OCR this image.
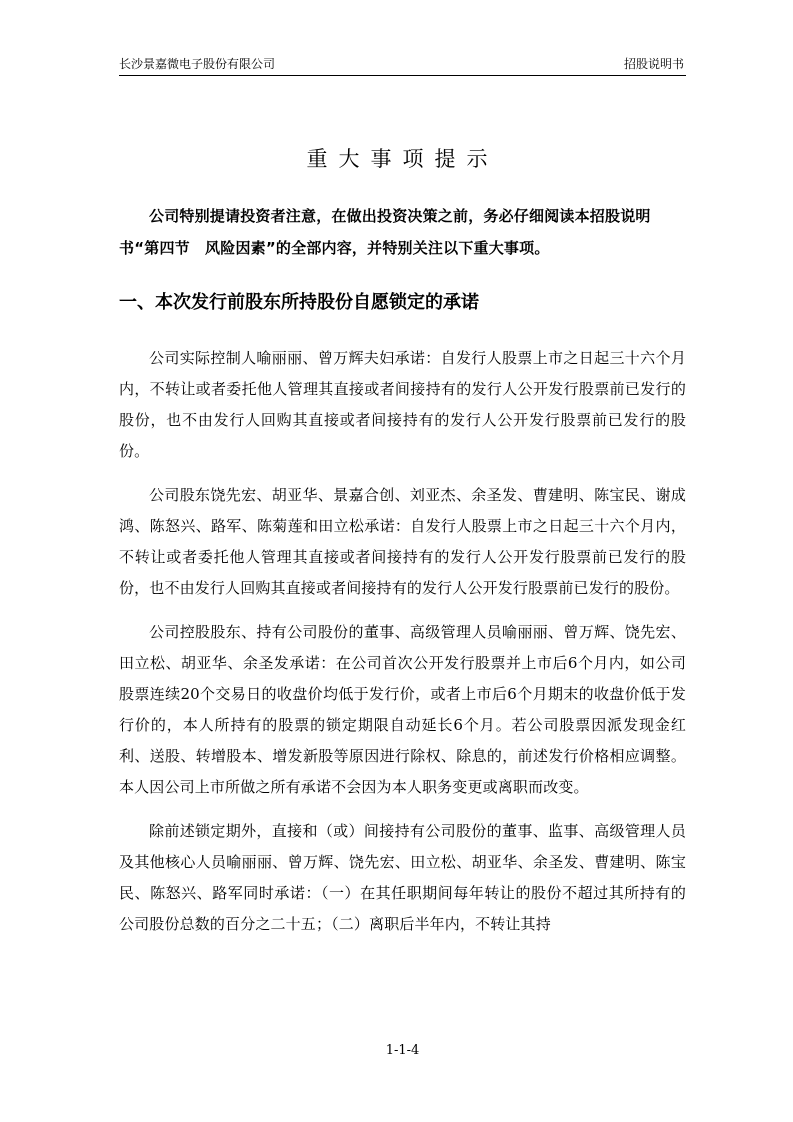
长沙景嘉微电子股份有限公司	招股说明书
重大事项提示

公司特别提请投资者注意，在做出投资决策之前，务必仔细阅读本招股说明书“第四节　风险因素”的全部内容，并特别关注以下重大事项。

一、本次发行前股东所持股份自愿锁定的承诺

公司实际控制人喻丽丽、曾万辉夫妇承诺：自发行人股票上市之日起三十六个月内，不转让或者委托他人管理其直接或者间接持有的发行人公开发行股票前已发行的股份，也不由发行人回购其直接或者间接持有的发行人公开发行股票前已发行的股份。

公司股东饶先宏、胡亚华、景嘉合创、刘亚杰、余圣发、曹建明、陈宝民、谢成鸿、陈怒兴、路军、陈菊莲和田立松承诺：自发行人股票上市之日起三十六个月内，不转让或者委托他人管理其直接或者间接持有的发行人公开发行股票前已发行的股份，也不由发行人回购其直接或者间接持有的发行人公开发行股票前已发行的股份。

公司控股股东、持有公司股份的董事、高级管理人员喻丽丽、曾万辉、饶先宏、田立松、胡亚华、余圣发承诺：在公司首次公开发行股票并上市后6个月内，如公司股票连续20个交易日的收盘价均低于发行价，或者上市后6个月期末的收盘价低于发行价的，本人所持有的股票的锁定期限自动延长6个月。若公司股票因派发现金红利、送股、转增股本、增发新股等原因进行除权、除息的，前述发行价格相应调整。本人因公司上市所做之所有承诺不会因为本人职务变更或离职而改变。

除前述锁定期外，直接和（或）间接持有公司股份的董事、监事、高级管理人员及其他核心人员喻丽丽、曾万辉、饶先宏、田立松、胡亚华、余圣发、曹建明、陈宝民、陈怒兴、路军同时承诺：（一）在其任职期间每年转让的股份不超过其所持有的公司股份总数的百分之二十五；（二）离职后半年内，不转让其持

1-1-4
